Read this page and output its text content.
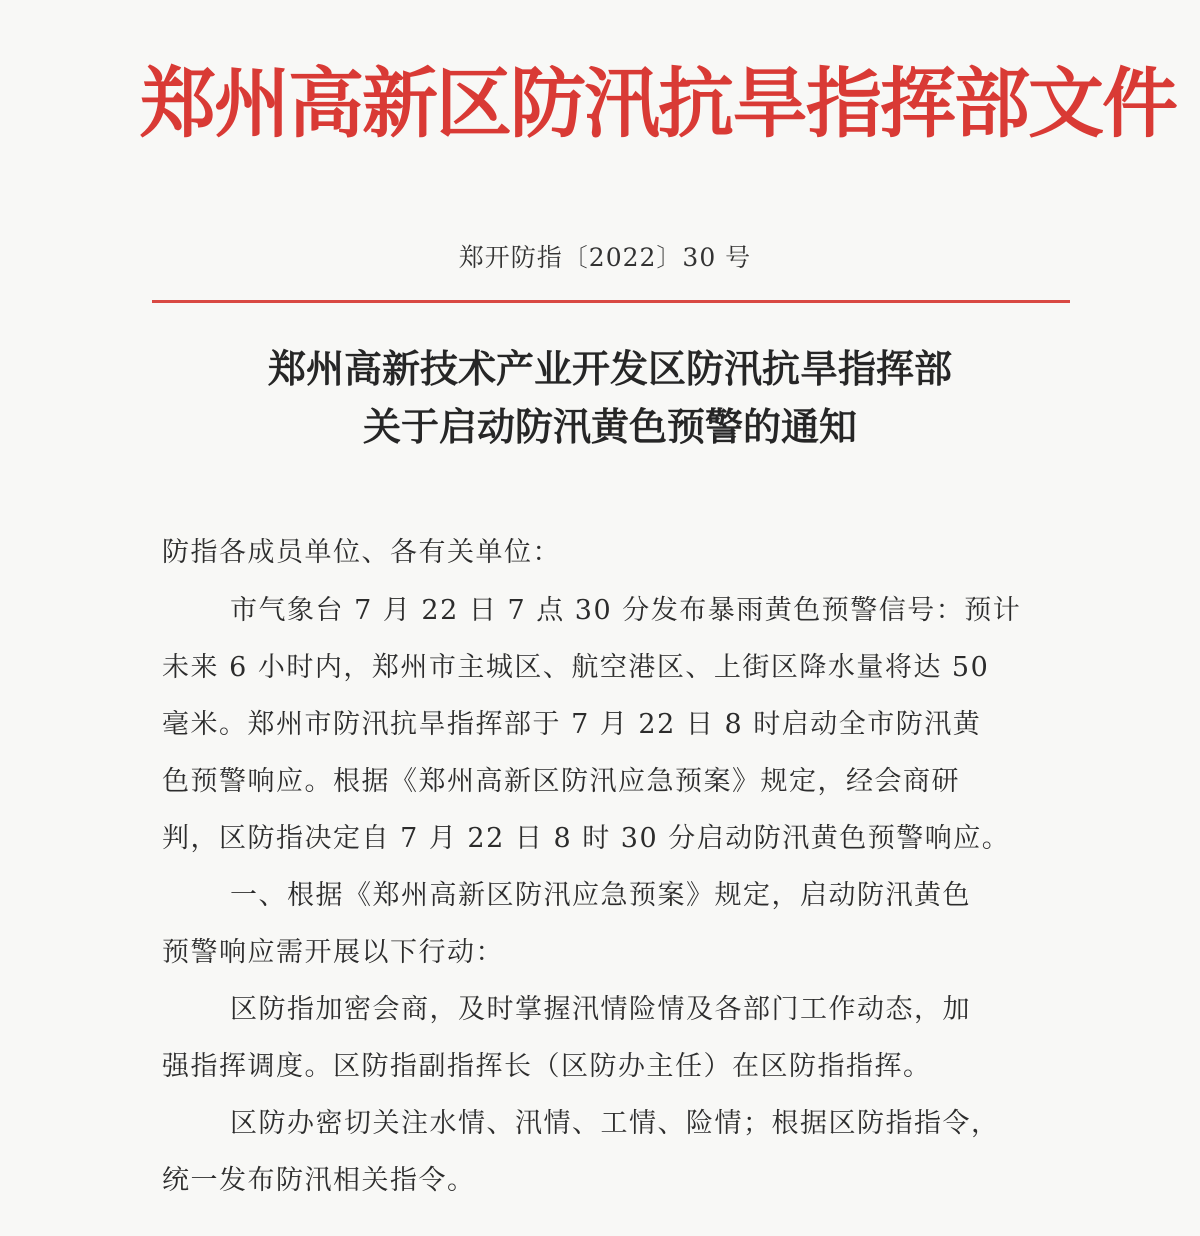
郑州高新区防汛抗旱指挥部文件
郑开防指〔2022〕30 号
郑州高新技术产业开发区防汛抗旱指挥部
关于启动防汛黄色预警的通知
防指各成员单位、各有关单位：
市气象台 7 月 22 日 7 点 30 分发布暴雨黄色预警信号：预计
未来 6 小时内，郑州市主城区、航空港区、上街区降水量将达 50
毫米。郑州市防汛抗旱指挥部于 7 月 22 日 8 时启动全市防汛黄
色预警响应。根据《郑州高新区防汛应急预案》规定，经会商研
判，区防指决定自 7 月 22 日 8 时 30 分启动防汛黄色预警响应。
一、根据《郑州高新区防汛应急预案》规定，启动防汛黄色
预警响应需开展以下行动：
区防指加密会商，及时掌握汛情险情及各部门工作动态，加
强指挥调度。区防指副指挥长（区防办主任）在区防指指挥。
区防办密切关注水情、汛情、工情、险情；根据区防指指令，
统一发布防汛相关指令。
